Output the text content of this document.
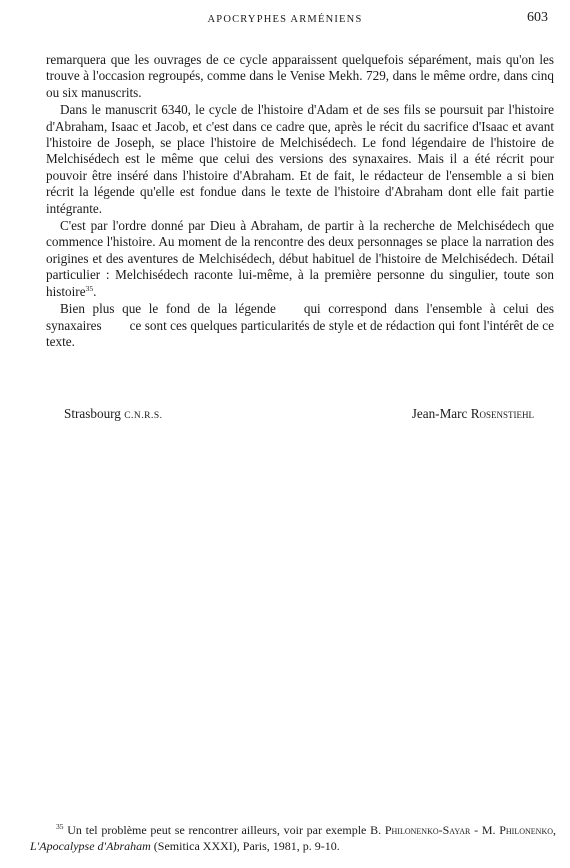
APOCRYPHES ARMÉNIENS	603

remarquera que les ouvrages de ce cycle apparaissent quelquefois séparément, mais qu'on les trouve à l'occasion regroupés, comme dans le Venise Mekh. 729, dans le même ordre, dans cinq ou six manuscrits.

Dans le manuscrit 6340, le cycle de l'histoire d'Adam et de ses fils se poursuit par l'histoire d'Abraham, Isaac et Jacob, et c'est dans ce cadre que, après le récit du sacrifice d'Isaac et avant l'histoire de Joseph, se place l'histoire de Melchisédech. Le fond légendaire de l'histoire de Melchisédech est le même que celui des versions des synaxaires. Mais il a été récrit pour pouvoir être inséré dans l'histoire d'Abraham. Et de fait, le rédacteur de l'ensemble a si bien récrit la légende qu'elle est fondue dans le texte de l'histoire d'Abraham dont elle fait partie intégrante.

C'est par l'ordre donné par Dieu à Abraham, de partir à la recherche de Melchisédech que commence l'histoire. Au moment de la rencontre des deux personnages se place la narration des origines et des aventures de Melchisédech, début habituel de l'histoire de Melchisédech. Détail particulier : Melchisédech raconte lui-même, à la première personne du singulier, toute son histoire$^{35}$.

Bien plus que le fond de la légende qui correspond dans l'ensemble à celui des synaxaires ce sont ces quelques particularités de style et de rédaction qui font l'intérêt de ce texte.

Strasbourg C.N.R.S.	Jean-Marc Rosenstiehl

$^{35}$ Un tel problème peut se rencontrer ailleurs, voir par exemple B. Philonenko-Sayar - M. Philonenko, L'Apocalypse d'Abraham (Semitica XXXI), Paris, 1981, p. 9-10.
